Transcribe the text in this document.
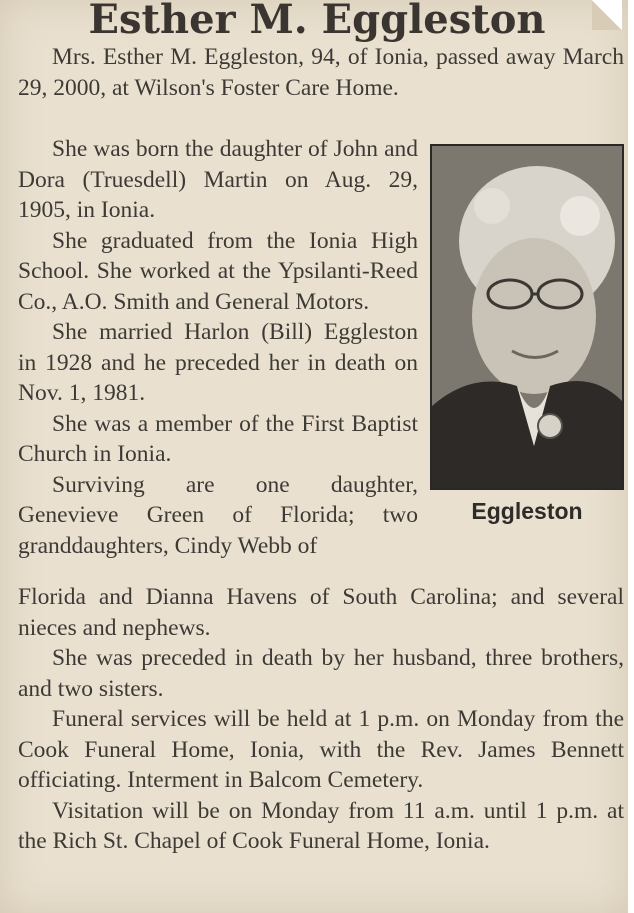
Esther M. Eggleston

Mrs. Esther M. Eggleston, 94, of Ionia, passed away March 29, 2000, at Wilson's Foster Care Home.

She was born the daughter of John and Dora (Truesdell) Martin on Aug. 29, 1905, in Ionia.

She graduated from the Ionia High School. She worked at the Ypsilanti-Reed Co., A.O. Smith and General Motors.

She married Harlon (Bill) Eggleston in 1928 and he preceded her in death on Nov. 1, 1981.

She was a member of the First Baptist Church in Ionia.

Surviving are one daughter, Genevieve Green of Florida; two granddaughters, Cindy Webb of

Eggleston

Florida and Dianna Havens of South Carolina; and several nieces and nephews.

She was preceded in death by her husband, three brothers, and two sisters.

Funeral services will be held at 1 p.m. on Monday from the Cook Funeral Home, Ionia, with the Rev. James Bennett officiating. Interment in Balcom Cemetery.

Visitation will be on Monday from 11 a.m. until 1 p.m. at the Rich St. Chapel of Cook Funeral Home, Ionia.
